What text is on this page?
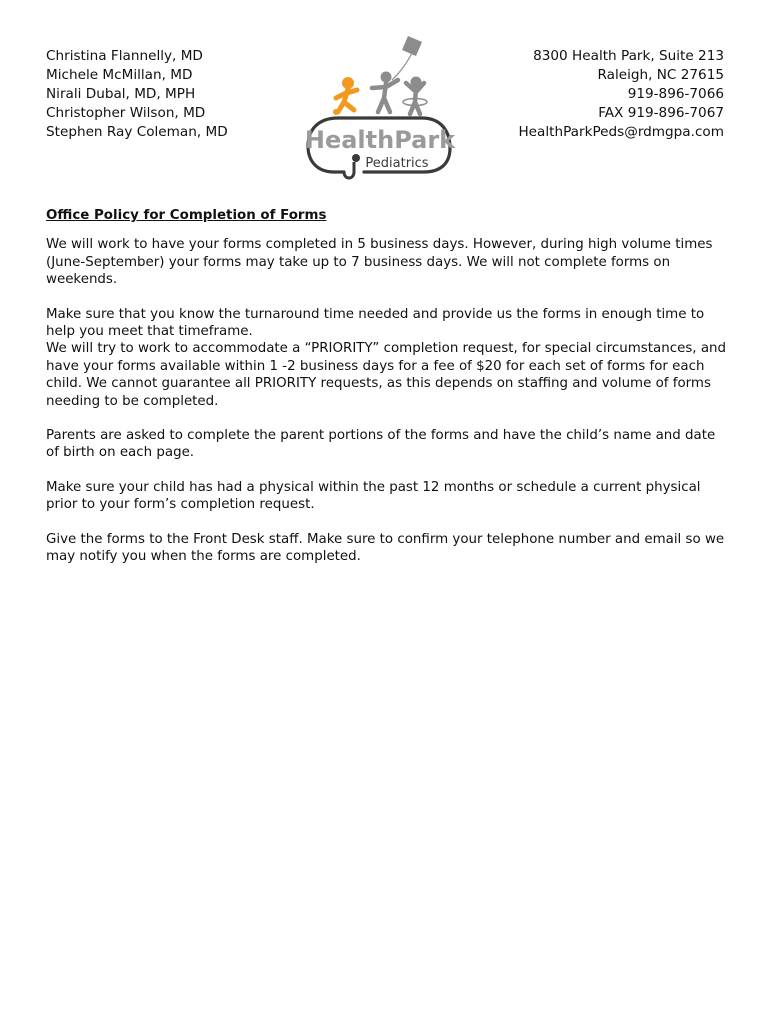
Christina Flannelly, MD
Michele McMillan, MD
Nirali Dubal, MD, MPH
Christopher Wilson, MD
Stephen Ray Coleman, MD	HealthPark
Pediatrics
8300 Health Park, Suite 213
Raleigh, NC 27615
919-896-7066
FAX 919-896-7067
HealthParkPeds@rdmgpa.com
Office Policy for Completion of Forms
We will work to have your forms completed in 5 business days. However, during high volume times (June-September) your forms may take up to 7 business days. We will not complete forms on weekends.
Make sure that you know the turnaround time needed and provide us the forms in enough time to help you meet that timeframe.
We will try to work to accommodate a “PRIORITY” completion request, for special circumstances, and have your forms available within 1 -2 business days for a fee of $20 for each set of forms for each child. We cannot guarantee all PRIORITY requests, as this depends on staffing and volume of forms needing to be completed.
Parents are asked to complete the parent portions of the forms and have the child’s name and date of birth on each page.
Make sure your child has had a physical within the past 12 months or schedule a current physical prior to your form’s completion request.
Give the forms to the Front Desk staff. Make sure to confirm your telephone number and email so we may notify you when the forms are completed.
